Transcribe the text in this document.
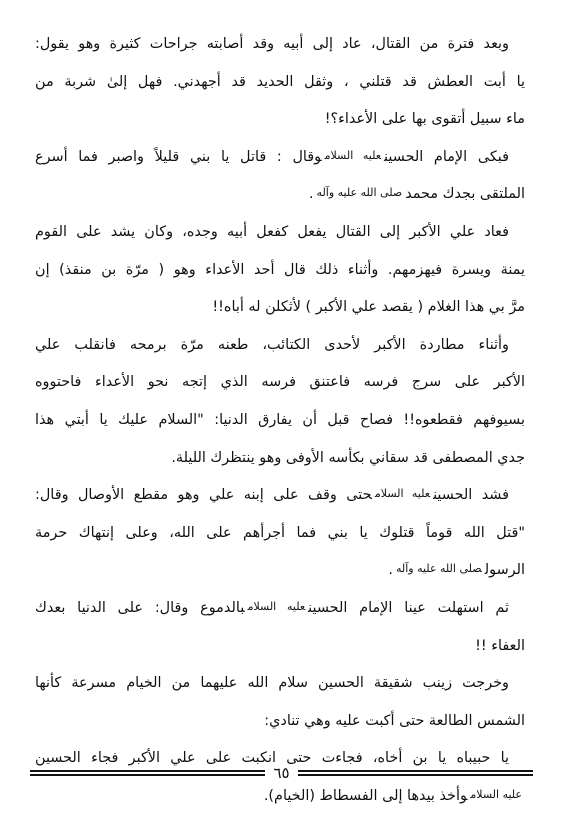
وبعد فترة من القتال، عاد إلى أبيه وقد أصابته جراحات كثيرة وهو يقول:

يا أبت العطش قد قتلني ، وثقل الحديد قد أجهدني. فهل إلىٰ شربة من

ماء سبيل أتقوى بها على الأعداء؟!

فبكى الإمام الحسينعليه السلاموقال : قاتل يا بني قليلاً واصبر فما أسرع

الملتقى بجدك محمدصلى الله عليه وآله.

فعاد علي الأكبر إلى القتال يفعل كفعل أبيه وجده، وكان يشد على القوم

يمنة ويسرة فيهزمهم. وأثناء ذلك قال أحد الأعداء وهو ( مرّة بن منقذ) إن

مرَّ بي هذا الغلام ( يقصد علي الأكبر ) لأثكلن له أباه!!

وأثناء مطاردة الأكبر لأحدى الكتائب، طعنه مرّة برمحه فانقلب علي

الأكبر على سرج فرسه فاعتنق فرسه الذي إتجه نحو الأعداء فاحتووه

بسيوفهم فقطعوه!! فصاح قبل أن يفارق الدنيا: "السلام عليك يا أبتي هذا

جدي المصطفى قد سقاني بكأسه الأوفى وهو ينتظرك الليلة.

فشد الحسينعليه السلامحتى وقف على إبنه علي وهو مقطع الأوصال وقال:

"قتل الله قوماً قتلوك يا بني فما أجرأهم على الله، وعلى إنتهاك حرمة

الرسولصلى الله عليه وآله.

ثم استهلت عينا الإمام الحسينعليه السلامبالدموع وقال: على الدنيا بعدك

العفاء !!

وخرجت زينب شقيقة الحسين سلام الله عليهما من الخيام مسرعة كأنها

الشمس الطالعة حتى أكبت عليه وهي تنادي:

يا حبيباه يا بن أخاه، فجاءت حتى انكبت على علي الأكبر فجاء الحسين

عليه السلاموأخذ بيدها إلى الفسطاط (الخيام).

٦٥
